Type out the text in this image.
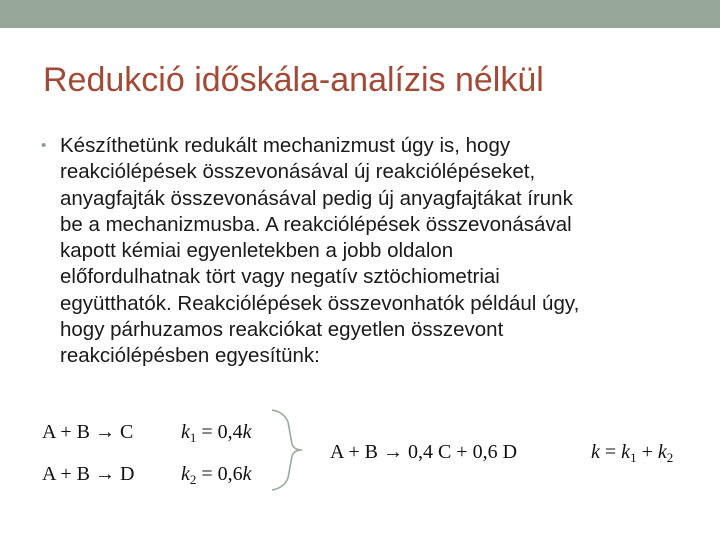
Redukció időskála-analízis nélkül
• Készíthetünk redukált mechanizmust úgy is, hogy
reakciólépések összevonásával új reakciólépéseket,
anyagfajták összevonásával pedig új anyagfajtákat írunk
be a mechanizmusba. A reakciólépések összevonásával
kapott kémiai egyenletekben a jobb oldalon
előfordulhatnak tört vagy negatív sztöchiometriai
együtthatók. Reakciólépések összevonhatók például úgy,
hogy párhuzamos reakciókat egyetlen összevont
reakciólépésben egyesítünk:
A + B → C
A + B → D
$k_1 = 0,4k$
$k_2 = 0,6k$
A + B → 0,4 C + 0,6 D	$k = k_1 + k_2$
